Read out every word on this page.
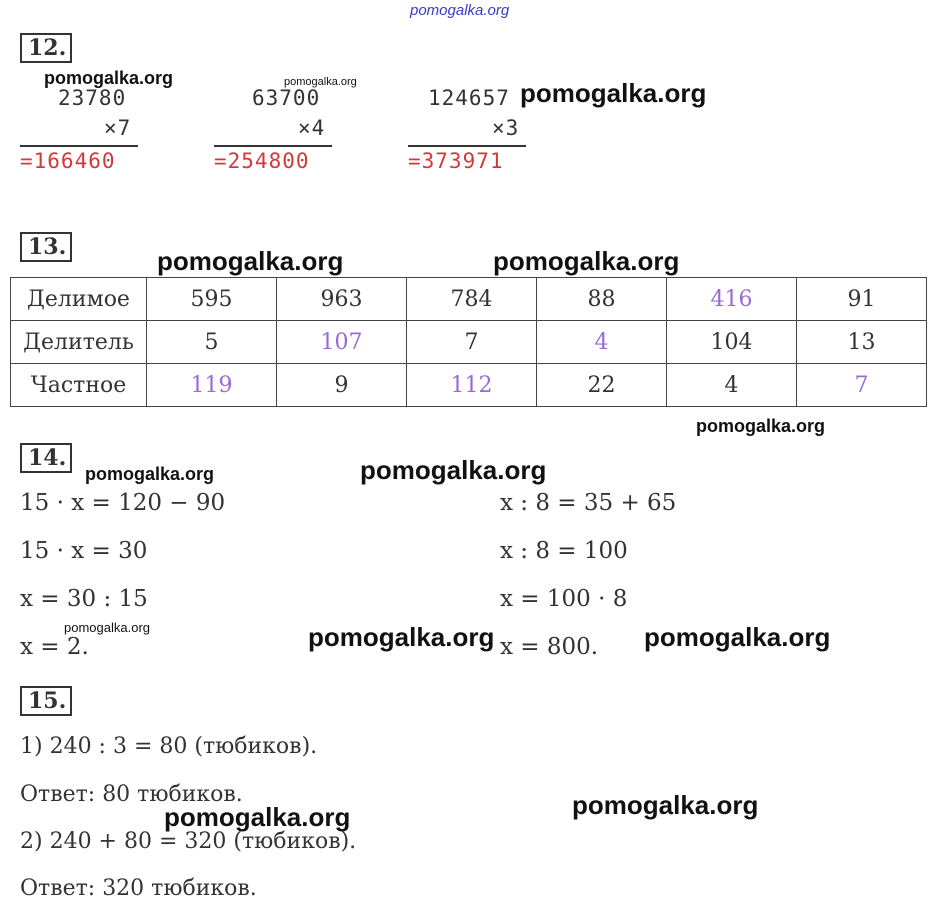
pomogalka.org
12.
pomogalka.org	pomogalka.org	pomogalka.org
23780
×7
=166460
63700
×4
=254800
124657
×3
=373971
13.	pomogalka.org	pomogalka.org
Делимое	595	963	784	88	416	91
Делитель	5	107	7	4	104	13
Частное	119	9	112	22	4	7
pomogalka.org
14.
pomogalka.org	pomogalka.org
15 · x = 120 − 90
15 · x = 30
x = 30 : 15
x = 2.
pomogalka.org
x : 8 = 35 + 65
x : 8 = 100
x = 100 · 8
x = 800.
pomogalka.org	pomogalka.org
15.
1) 240 : 3 = 80 (тюбиков).
Ответ: 80 тюбиков.
2) 240 + 80 = 320 (тюбиков).
Ответ: 320 тюбиков.
pomogalka.org
pomogalka.org
